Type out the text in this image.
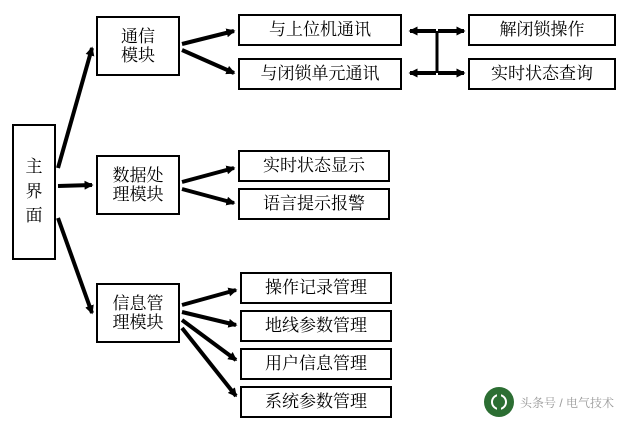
主
界
面
通信
模块
数据处
理模块
信息管
理模块
与上位机通讯
与闭锁单元通讯
解闭锁操作
实时状态查询
实时状态显示
语言提示报警
操作记录管理
地线参数管理
用户信息管理
系统参数管理	头条号 / 电气技术
